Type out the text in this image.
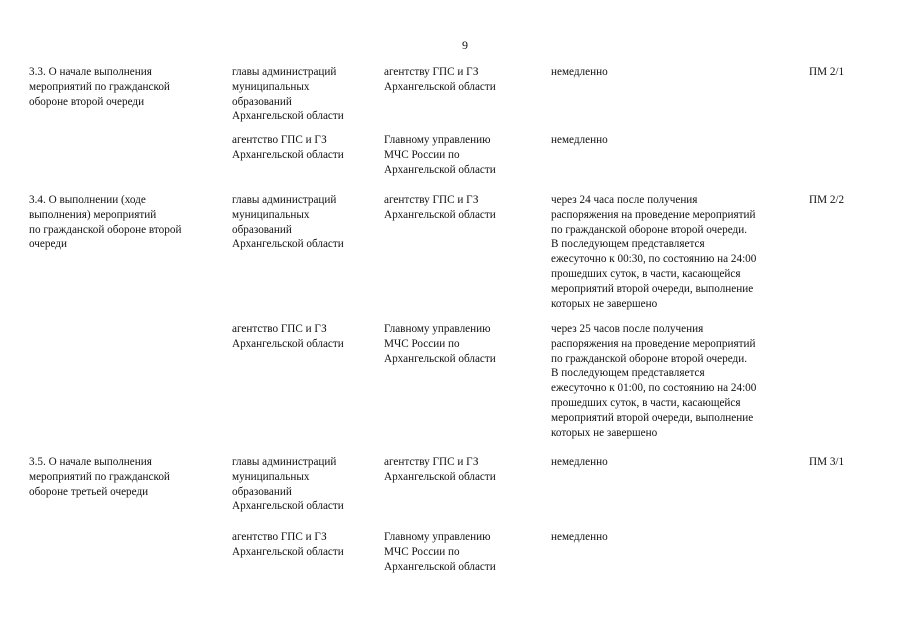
9
3.3. О начале выполнения
мероприятий по гражданской
обороне второй очереди
главы администраций
муниципальных
образований
Архангельской области
агентству ГПС и ГЗ
Архангельской области
немедленно	ПМ 2/1
агентство ГПС и ГЗ
Архангельской области
Главному управлению
МЧС России по
Архангельской области
немедленно
3.4. О выполнении (ходе
выполнения) мероприятий
по гражданской обороне второй
очереди
главы администраций
муниципальных
образований
Архангельской области
агентству ГПС и ГЗ
Архангельской области
через 24 часа после получения
распоряжения на проведение мероприятий
по гражданской обороне второй очереди.
В последующем представляется
ежесуточно к 00:30, по состоянию на 24:00
прошедших суток, в части, касающейся
мероприятий второй очереди, выполнение
которых не завершено
ПМ 2/2
агентство ГПС и ГЗ
Архангельской области
Главному управлению
МЧС России по
Архангельской области
через 25 часов после получения
распоряжения на проведение мероприятий
по гражданской обороне второй очереди.
В последующем представляется
ежесуточно к 01:00, по состоянию на 24:00
прошедших суток, в части, касающейся
мероприятий второй очереди, выполнение
которых не завершено
3.5. О начале выполнения
мероприятий по гражданской
обороне третьей очереди
главы администраций
муниципальных
образований
Архангельской области
агентству ГПС и ГЗ
Архангельской области
немедленно	ПМ 3/1
агентство ГПС и ГЗ
Архангельской области
Главному управлению
МЧС России по
Архангельской области
немедленно
